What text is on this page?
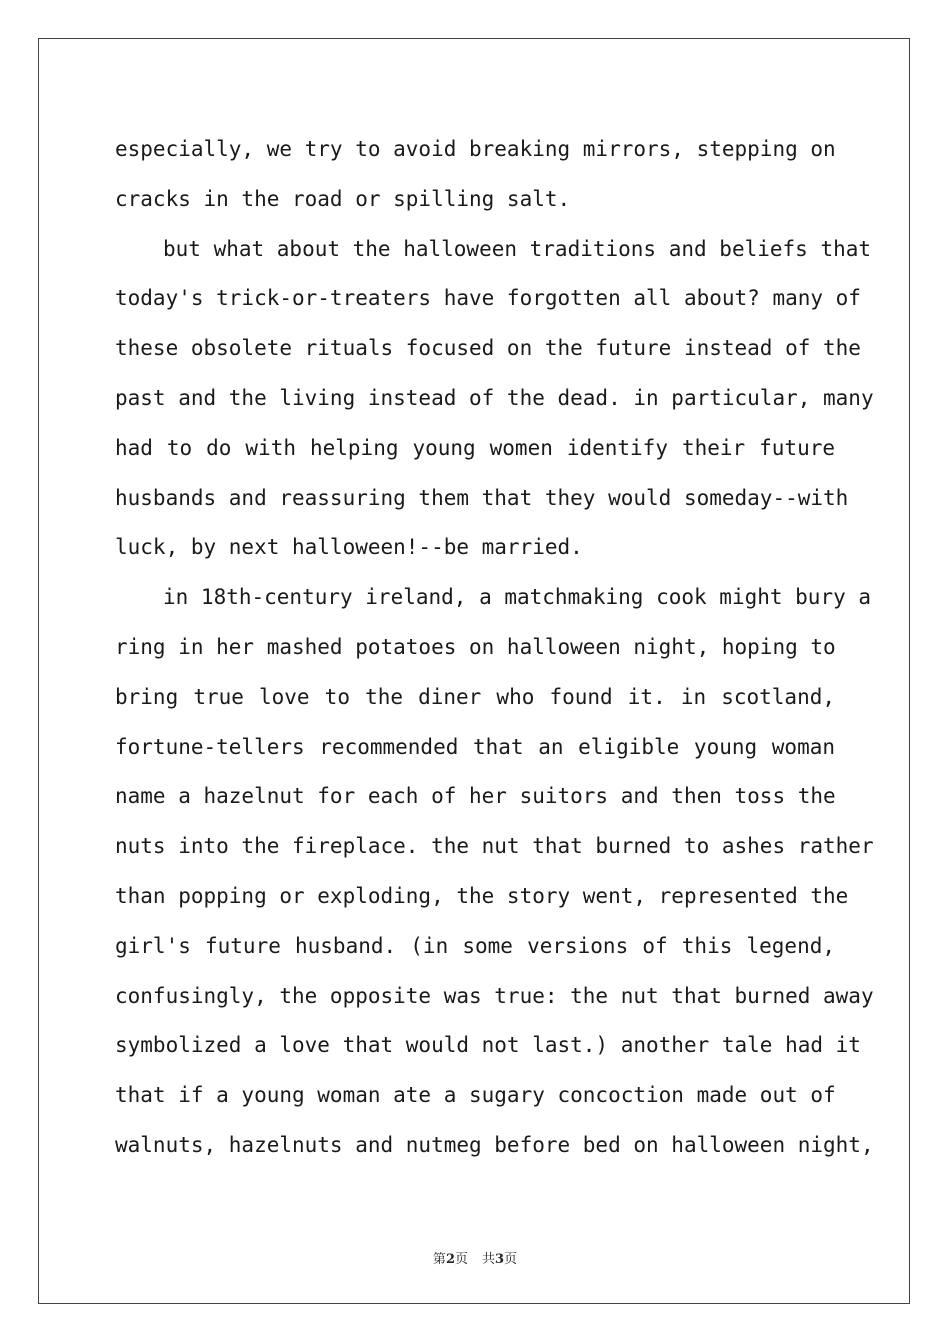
especially, we try to avoid breaking mirrors, stepping on
cracks in the road or spilling salt.
but what about the halloween traditions and beliefs that
today's trick-or-treaters have forgotten all about? many of
these obsolete rituals focused on the future instead of the
past and the living instead of the dead. in particular, many
had to do with helping young women identify their future
husbands and reassuring them that they would someday--with
luck, by next halloween!--be married.
in 18th-century ireland, a matchmaking cook might bury a
ring in her mashed potatoes on halloween night, hoping to
bring true love to the diner who found it. in scotland,
fortune-tellers recommended that an eligible young woman
name a hazelnut for each of her suitors and then toss the
nuts into the fireplace. the nut that burned to ashes rather
than popping or exploding, the story went, represented the
girl's future husband. (in some versions of this legend,
confusingly, the opposite was true: the nut that burned away
symbolized a love that would not last.) another tale had it
that if a young woman ate a sugary concoction made out of
walnuts, hazelnuts and nutmeg before bed on halloween night,
第2页 共3页
